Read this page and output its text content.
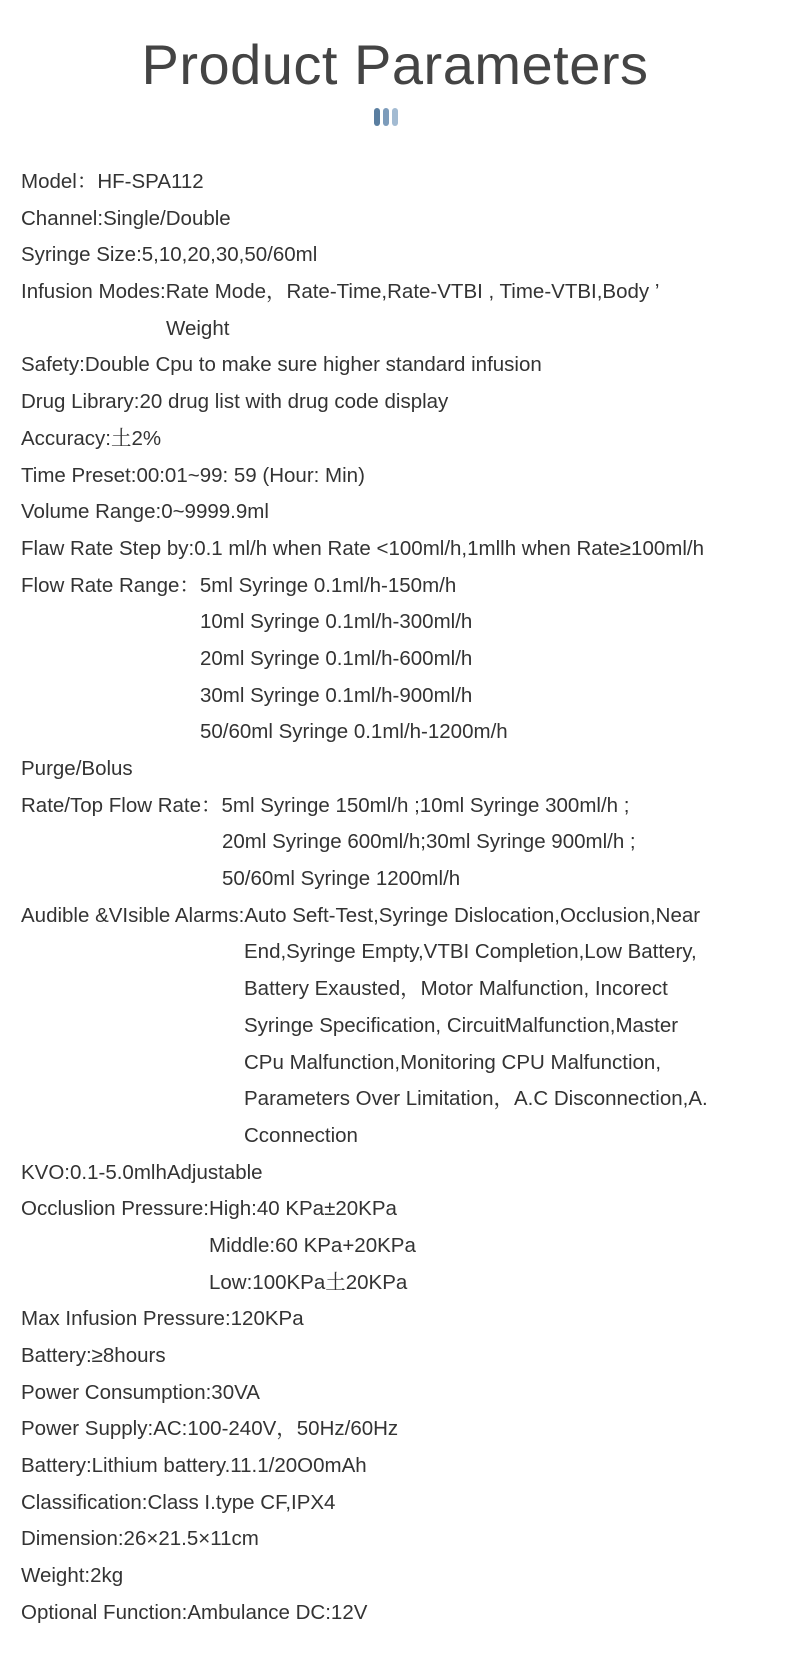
Product Parameters
Model：HF-SPA112
Channel:Single/Double
Syringe Size:5,10,20,30,50/60ml
Infusion Modes:Rate Mode，Rate-Time,Rate-VTBI , Time-VTBI,Body ’
Weight
Safety:Double Cpu to make sure higher standard infusion
Drug Library:20 drug list with drug code display
Accuracy:土2%
Time Preset:00:01~99: 59 (Hour: Min)
Volume Range:0~9999.9ml
Flaw Rate Step by:0.1 ml/h when Rate <100ml/h,1mllh when Rate≥100ml/h
Flow Rate Range：5ml Syringe 0.1ml/h-150m/h
10ml Syringe 0.1ml/h-300ml/h
20ml Syringe 0.1ml/h-600ml/h
30ml Syringe 0.1ml/h-900ml/h
50/60ml Syringe 0.1ml/h-1200m/h
Purge/Bolus
Rate/Top Flow Rate：5ml Syringe 150ml/h ;10ml Syringe 300ml/h ;
20ml Syringe 600ml/h;30ml Syringe 900ml/h ;
50/60ml Syringe 1200ml/h
Audible &VIsible Alarms:Auto Seft-Test,Syringe Dislocation,Occlusion,Near
End,Syringe Empty,VTBI Completion,Low Battery,
Battery Exausted，Motor Malfunction, Incorect
Syringe Specification, CircuitMalfunction,Master
CPu Malfunction,Monitoring CPU Malfunction,
Parameters Over Limitation，A.C Disconnection,A.
Cconnection
KVO:0.1-5.0mlhAdjustable
Occluslion Pressure:High:40 KPa±20KPa
Middle:60 KPa+20KPa
Low:100KPa土20KPa
Max Infusion Pressure:120KPa
Battery:≥8hours
Power Consumption:30VA
Power Supply:AC:100-240V，50Hz/60Hz
Battery:Lithium battery.11.1/20O0mAh
Classification:Class I.type CF,IPX4
Dimension:26×21.5×11cm
Weight:2kg
Optional Function:Ambulance DC:12V
